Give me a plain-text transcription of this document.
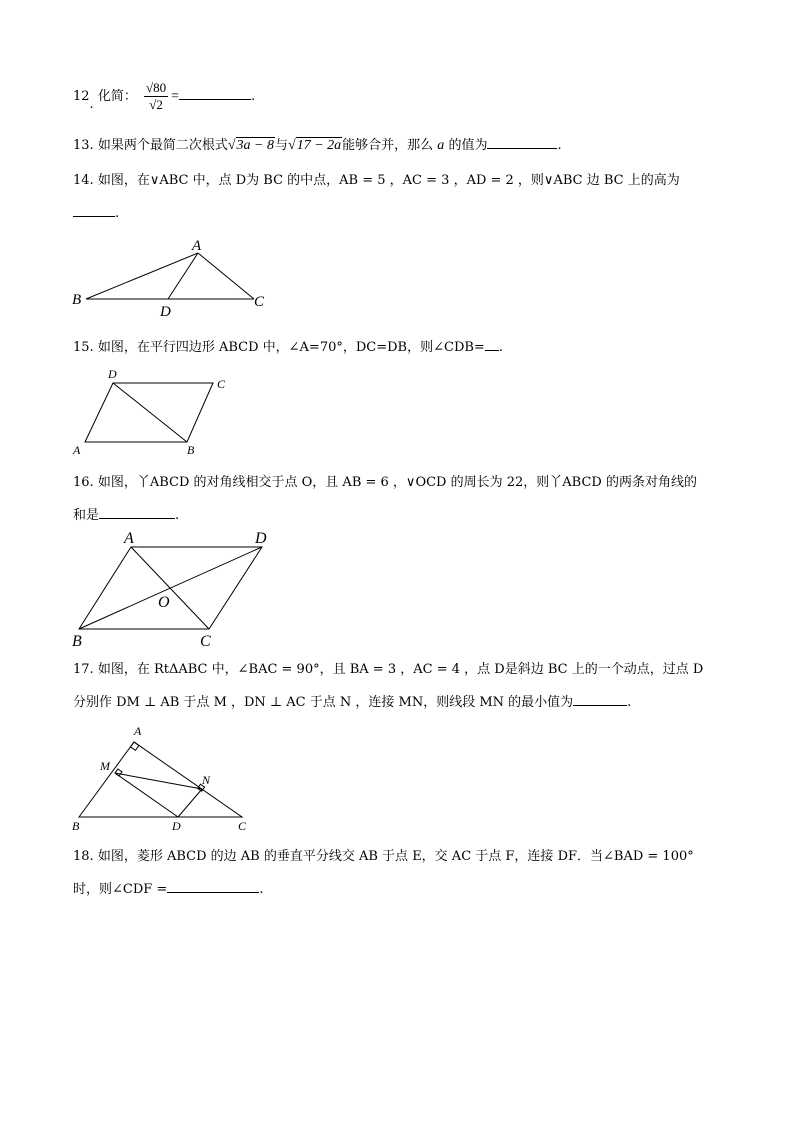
12. 化简： $\frac{√80}{√2}$ =	.
13. 如果两个最简二次根式√3a − 8与√17 − 2a能够合并，那么 a 的值为	.
14. 如图，在∨ABC 中，点 D为 BC 的中点，AB = 5 ，AC = 3 ，AD = 2 ，则∨ABC 边 BC 上的高为
.
A
B	C
D
15. 如图，在平行四边形 ABCD 中，∠A=70°，DC=DB，则∠CDB= .
D
C
A	B
16. 如图，丫ABCD 的对角线相交于点 O，且 AB = 6 ，∨OCD 的周长为 22，则丫ABCD 的两条对角线的
和是	.
A	D
B	C
O
17. 如图，在 RtΔABC 中，∠BAC = 90°，且 BA = 3 ，AC = 4 ，点 D是斜边 BC 上的一个动点，过点 D
分别作 DM ⊥ AB 于点 M ，DN ⊥ AC 于点 N ，连接 MN，则线段 MN 的最小值为	.
A
M
N
B	D	C
18. 如图，菱形 ABCD 的边 AB 的垂直平分线交 AB 于点 E，交 AC 于点 F，连接 DF．当∠BAD = 100°
时，则∠CDF =	.
